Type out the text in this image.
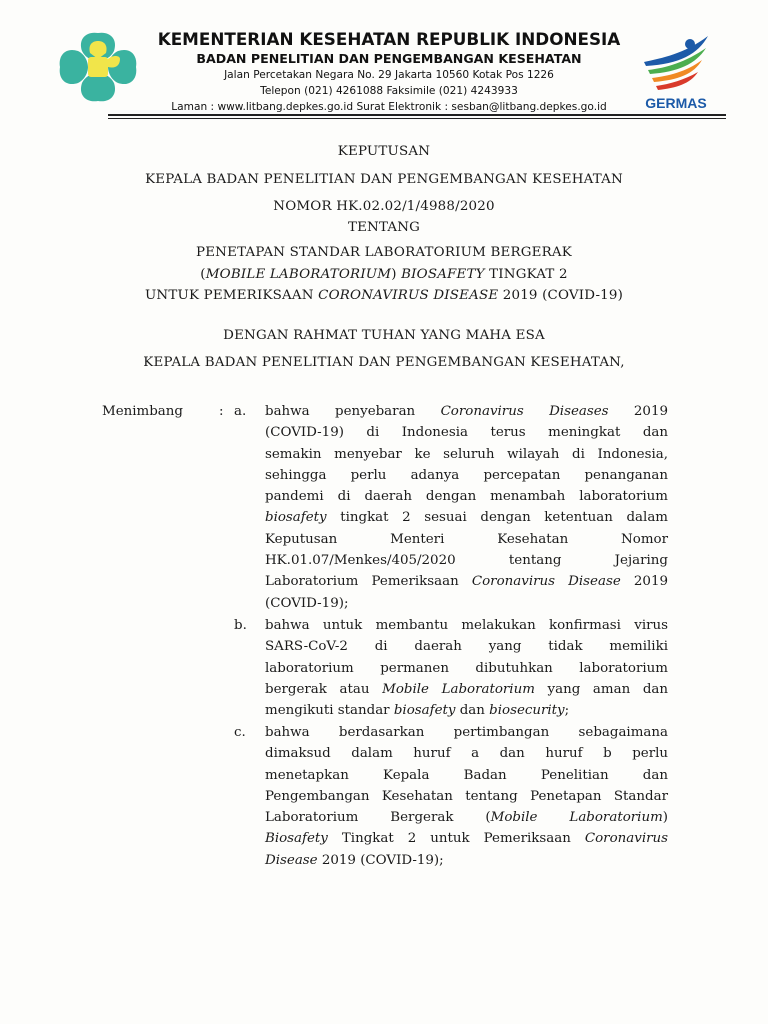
GERMAS
KEMENTERIAN KESEHATAN REPUBLIK INDONESIA
BADAN PENELITIAN DAN PENGEMBANGAN KESEHATAN
Jalan Percetakan Negara No. 29 Jakarta 10560 Kotak Pos 1226
Telepon (021) 4261088 Faksimile (021) 4243933
Laman : www.litbang.depkes.go.id Surat Elektronik : sesban@litbang.depkes.go.id
KEPUTUSAN
KEPALA BADAN PENELITIAN DAN PENGEMBANGAN KESEHATAN
NOMOR HK.02.02/1/4988/2020
TENTANG
PENETAPAN STANDAR LABORATORIUM BERGERAK
(MOBILE LABORATORIUM) BIOSAFETY TINGKAT 2
UNTUK PEMERIKSAAN CORONAVIRUS DISEASE 2019 (COVID-19)
DENGAN RAHMAT TUHAN YANG MAHA ESA
KEPALA BADAN PENELITIAN DAN PENGEMBANGAN KESEHATAN,
Menimbang	: a. bahwa penyebaran Coronavirus Diseases 2019
(COVID-19) di Indonesia terus meningkat dan
semakin menyebar ke seluruh wilayah di Indonesia,
sehingga perlu adanya percepatan penanganan
pandemi di daerah dengan menambah laboratorium
biosafety tingkat 2 sesuai dengan ketentuan dalam
Keputusan Menteri Kesehatan Nomor
HK.01.07/Menkes/405/2020 tentang Jejaring
Laboratorium Pemeriksaan Coronavirus Disease 2019
(COVID-19);
b. bahwa untuk membantu melakukan konfirmasi virus
SARS-CoV-2 di daerah yang tidak memiliki
laboratorium permanen dibutuhkan laboratorium
bergerak atau Mobile Laboratorium yang aman dan
mengikuti standar biosafety dan biosecurity;
c. bahwa berdasarkan pertimbangan sebagaimana
dimaksud dalam huruf a dan huruf b perlu
menetapkan Kepala Badan Penelitian dan
Pengembangan Kesehatan tentang Penetapan Standar
Laboratorium Bergerak (Mobile Laboratorium)
Biosafety Tingkat 2 untuk Pemeriksaan Coronavirus
Disease 2019 (COVID-19);
